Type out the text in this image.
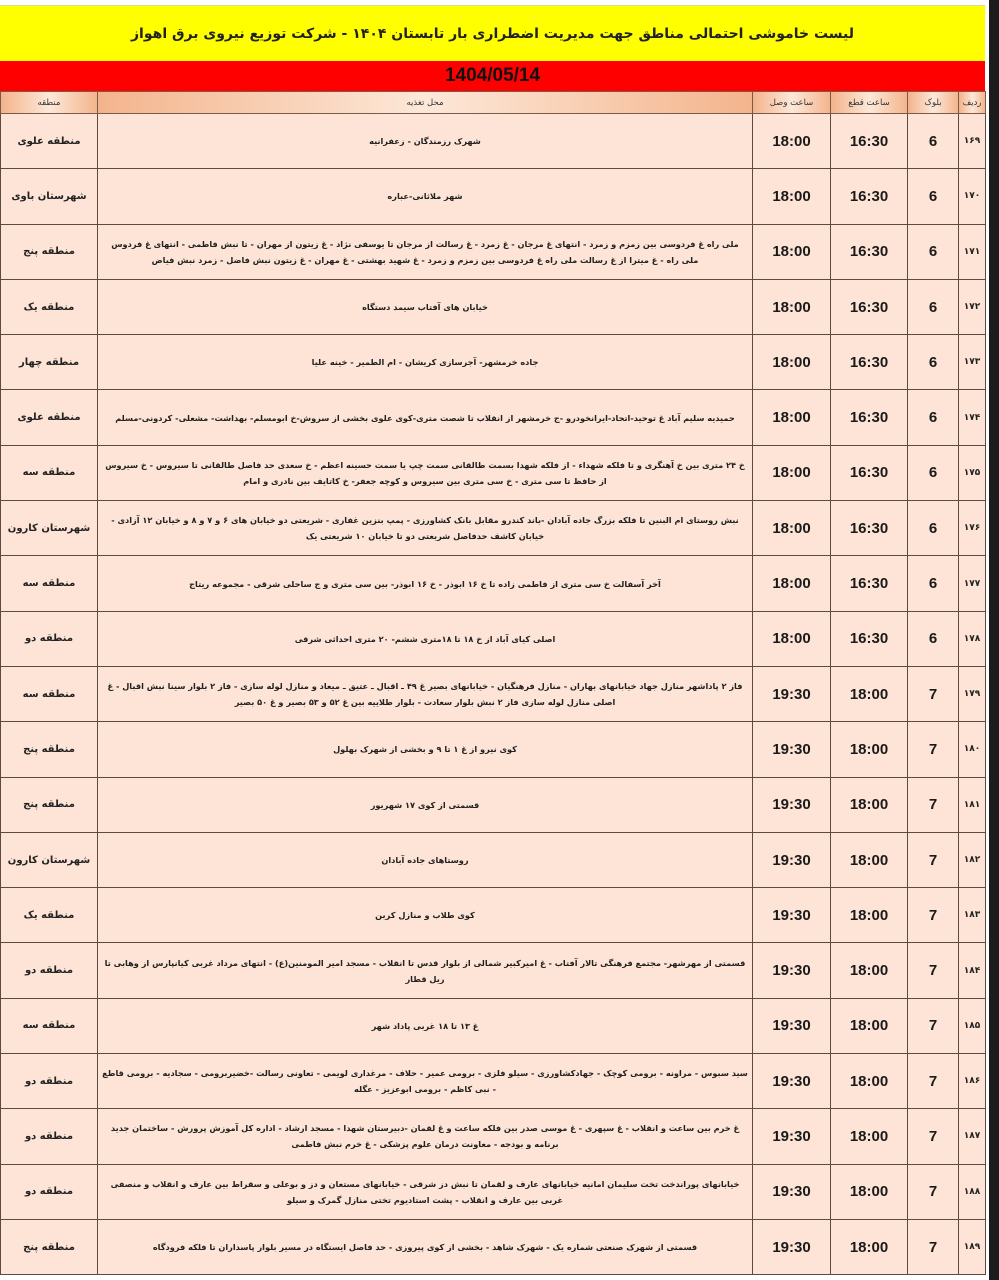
لیست خاموشی احتمالی مناطق جهت مدیریت اضطراری بار تابستان ۱۴۰۴ - شرکت توزیع نیروی برق اهواز
1404/05/14
ردیف	بلوک	ساعت قطع	ساعت وصل	محل تغذیه	منطقه
۱۶۹	6	16:30	18:00	شهرک رزمندگان - زعفرانیه	منطقه علوی
۱۷۰	6	16:30	18:00	شهر ملاثانی-عباره	شهرستان باوی
۱۷۱	6	16:30	18:00	ملی راه غ فردوسی بین زمزم و زمرد - انتهای غ مرجان - غ زمرد - غ رسالت از مرجان تا یوسفی نژاد - غ زیتون از مهران - تا نبش فاطمی - انتهای غ فردوس ملی راه - غ میترا از غ رسالت ملی راه غ فردوسی بین زمزم و زمرد - غ شهید بهشتی - غ مهران - غ زیتون نبش فاضل - زمرد نبش فیاض	منطقه پنج
۱۷۲	6	16:30	18:00	خیابان های آفتاب سیمد دستگاه	منطقه یک
۱۷۳	6	16:30	18:00	جاده خرمشهر- آجرسازی کریشان - ام الطمیر - خینه علیا	منطقه چهار
۱۷۴	6	16:30	18:00	حمیدیه سلیم آباد غ توحید-اتحاد-ایرانخودرو -ج خرمشهر از انقلاب تا شصت متری-کوی علوی بخشی از سروش-خ ابومسلم- بهداشت- مشعلی- کردونی-مسلم	منطقه علوی
۱۷۵	6	16:30	18:00	خ ۲۴ متری بین خ آهنگری و تا فلکه شهداء - از فلکه شهدا بسمت طالقانی سمت چپ یا سمت حسینه اعظم - خ سعدی حد فاصل طالقانی تا سیروس - خ سیروس از حافظ تا سی متری - خ سی متری بین سیروس و کوچه جعفر- خ کاتایف بین نادری و امام	منطقه سه
۱۷۶	6	16:30	18:00	نبش روستای ام البنین تا فلکه بزرگ جاده آبادان -باند کندرو مقابل بانک کشاورزی - پمپ بنزین غفاری - شریعتی دو خیابان های ۶ و ۷ و ۸ و خیابان ۱۲ آزادی - خیابان کاشف حدفاصل شریعتی دو تا خیابان ۱۰ شریعتی یک	شهرستان کارون
۱۷۷	6	16:30	18:00	آخر آسفالت خ سی متری از فاطمی زاده تا خ ۱۶ ابوذر - خ ۱۶ ابوذر- بین سی متری و ج ساحلی شرقی - مجموعه ریتاج	منطقه سه
۱۷۸	6	16:30	18:00	اصلی کیای آباد از خ ۱۸ تا ۱۸متری ششم- ۲۰ متری احداثی شرقی	منطقه دو
۱۷۹	7	18:00	19:30	فاز ۲ پاداشهر منازل جهاد خیابانهای بهاران - منازل فرهنگیان - خیابانهای بصیر غ ۴۹ ـ اقبال ـ عتیق ـ میعاد و منازل لوله سازی - فاز ۲ بلوار سینا نبش اقبال - غ اصلی منازل لوله سازی فاز ۲ نبش بلوار سعادت - بلوار طلاییه بین غ ۵۲ و ۵۳ بصیر و غ ۵۰ بصیر	منطقه سه
۱۸۰	7	18:00	19:30	کوی نیرو از غ ۱ تا ۹ و بخشی از شهرک بهلول	منطقه پنج
۱۸۱	7	18:00	19:30	قسمتی از کوی ۱۷ شهریور	منطقه پنج
۱۸۲	7	18:00	19:30	روستاهای جاده آبادان	شهرستان کارون
۱۸۳	7	18:00	19:30	کوی طلاب و منازل کربن	منطقه یک
۱۸۴	7	18:00	19:30	قسمتی از مهرشهر- مجتمع فرهنگی تالار آفتاب - غ امیرکبیر شمالی از بلوار قدس تا انقلاب - مسجد امیر المومنین(ع) - انتهای مرداد غربی کیانپارس از وهابی تا ریل قطار	منطقه دو
۱۸۵	7	18:00	19:30	غ ۱۳ تا ۱۸ غربی پاداد شهر	منطقه سه
۱۸۶	7	18:00	19:30	سید سبوس - مراونه - برومی کوچک - جهادکشاورزی - سیلو فلزی - برومی عمیر - حلاف - مرغداری لویمی - تعاونی رسالت -خضیربرومی - سجادیه - برومی قاطع - نبی کاظم - برومی ابوعزیز - عگله	منطقه دو
۱۸۷	7	18:00	19:30	غ خرم بین ساعت و انقلاب - غ سپهری - غ موسی صدر بین فلکه ساعت و غ لقمان -دبیرستان شهدا - مسجد ارشاد - اداره کل آموزش پرورش - ساختمان جدید برنامه و بودجه - معاونت درمان علوم پزشکی - غ خرم نبش فاطمی	منطقه دو
۱۸۸	7	18:00	19:30	خیابانهای پوراندخت تخت سلیمان امانیه خیابانهای عارف و لقمان تا نبش دز شرقی - خیابانهای مستعان و دز و بوعلی و سقراط بین عارف و انقلاب و منصفی غربی بین عارف و انقلاب - پشت استادیوم تختی منازل گمرک و سیلو	منطقه دو
۱۸۹	7	18:00	19:30	قسمتی از شهرک صنعتی شماره یک - شهرک شاهد - بخشی از کوی پیروزی - حد فاصل ایستگاه در مسیر بلوار پاسداران تا فلکه فرودگاه	منطقه پنج
